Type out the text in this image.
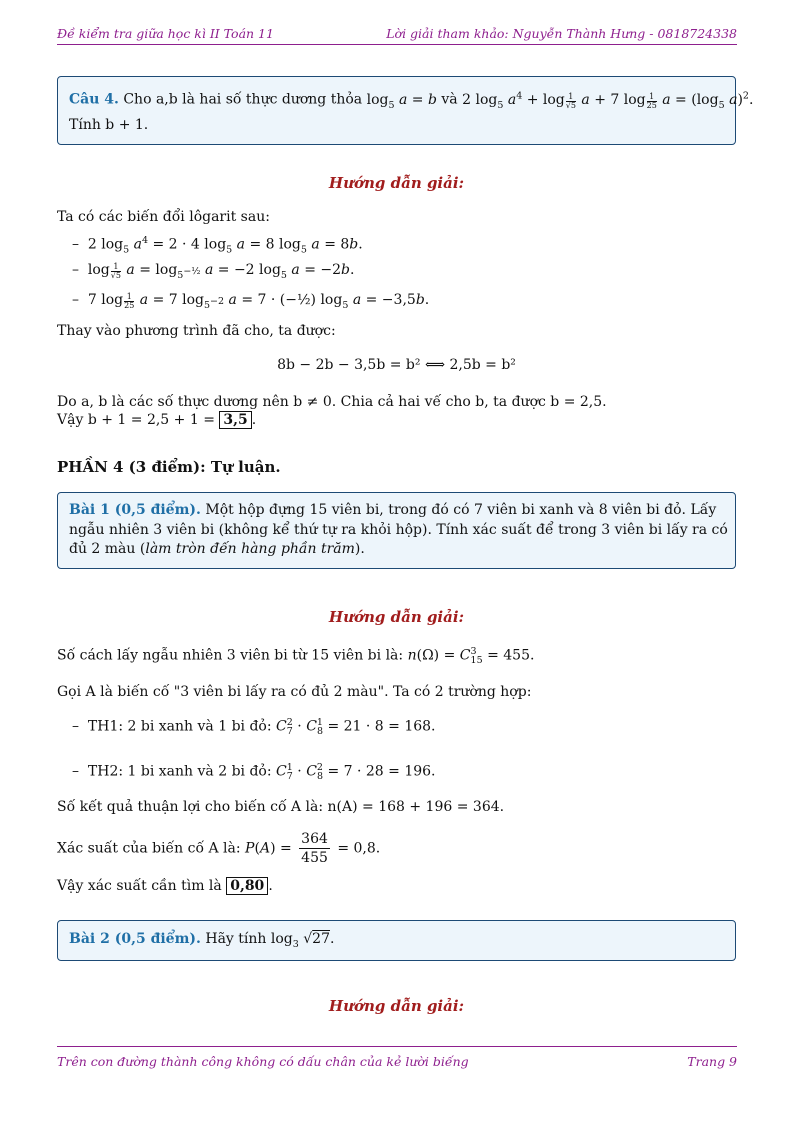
Đề kiểm tra giữa học kì II Toán 11	Lời giải tham khảo: Nguyễn Thành Hưng - 0818724338
Câu 4. Cho a,b là hai số thực dương thỏa $\log_5 a = b$ và 2 $\log_5 a^4 + \log \frac{1}{√5}$ a + 7 $\log \frac{1}{25}$ $a = (\log_5$ a)$^2$.
Tính b + 1.
Hướng dẫn giải:
Ta có các biến đổi lôgarit sau:
–  2 $\log_5 a^4 = 2 \cdot 4$ $\log_5 a = 8$ $\log_5 a = 8b$.
–  $\log \frac{1}{√5}$ $a = \log_{5^{-\frac{1}{2}}} a = -2$ $\log_5 a = -2b$.
–  7 $\log \frac{1}{25}$ a = 7 $\log_{5^{-2}} a = 7$ · (−½) $\log_5 a = -3,5b$.
Thay vào phương trình đã cho, ta được:
8b − 2b − 3,5b = b² ⟺ 2,5b = b²
Do a, b là các số thực dương nên b ≠ 0. Chia cả hai vế cho b, ta được b = 2,5.
Vậy b + 1 = 2,5 + 1 = 3,5 .
PHẦN 4 (3 điểm): Tự luận.
Bài 1 (0,5 điểm). Một hộp đựng 15 viên bi, trong đó có 7 viên bi xanh và 8 viên bi đỏ. Lấy
ngẫu nhiên 3 viên bi (không kể thứ tự ra khỏi hộp). Tính xác suất để trong 3 viên bi lấy ra có
đủ 2 màu (làm tròn đến hàng phần trăm).
Hướng dẫn giải:
Số cách lấy ngẫu nhiên 3 viên bi từ 15 viên bi là: $n(\Omega) = C^3_{15} = 455$.
Gọi A là biến cố "3 viên bi lấy ra có đủ 2 màu". Ta có 2 trường hợp:
–  TH1: 2 bi xanh và 1 bi đỏ: $C^2_7 \cdot C^1_8 = 21 \cdot 8 = 168$.
–  TH2: 1 bi xanh và 2 bi đỏ: $C^1_7 \cdot C^2_8 = 7 \cdot 28 = 196$.
Số kết quả thuận lợi cho biến cố A là: n(A) = 168 + 196 = 364.
Xác suất của biến cố A là: $P(A) = \frac{364}{455} = 0,8$.
Vậy xác suất cần tìm là 0,80 .
Bài 2 (0,5 điểm). Hãy tính $\log_3 √27$.
Hướng dẫn giải:
Trên con đường thành công không có dấu chân của kẻ lười biếng	Trang 9
